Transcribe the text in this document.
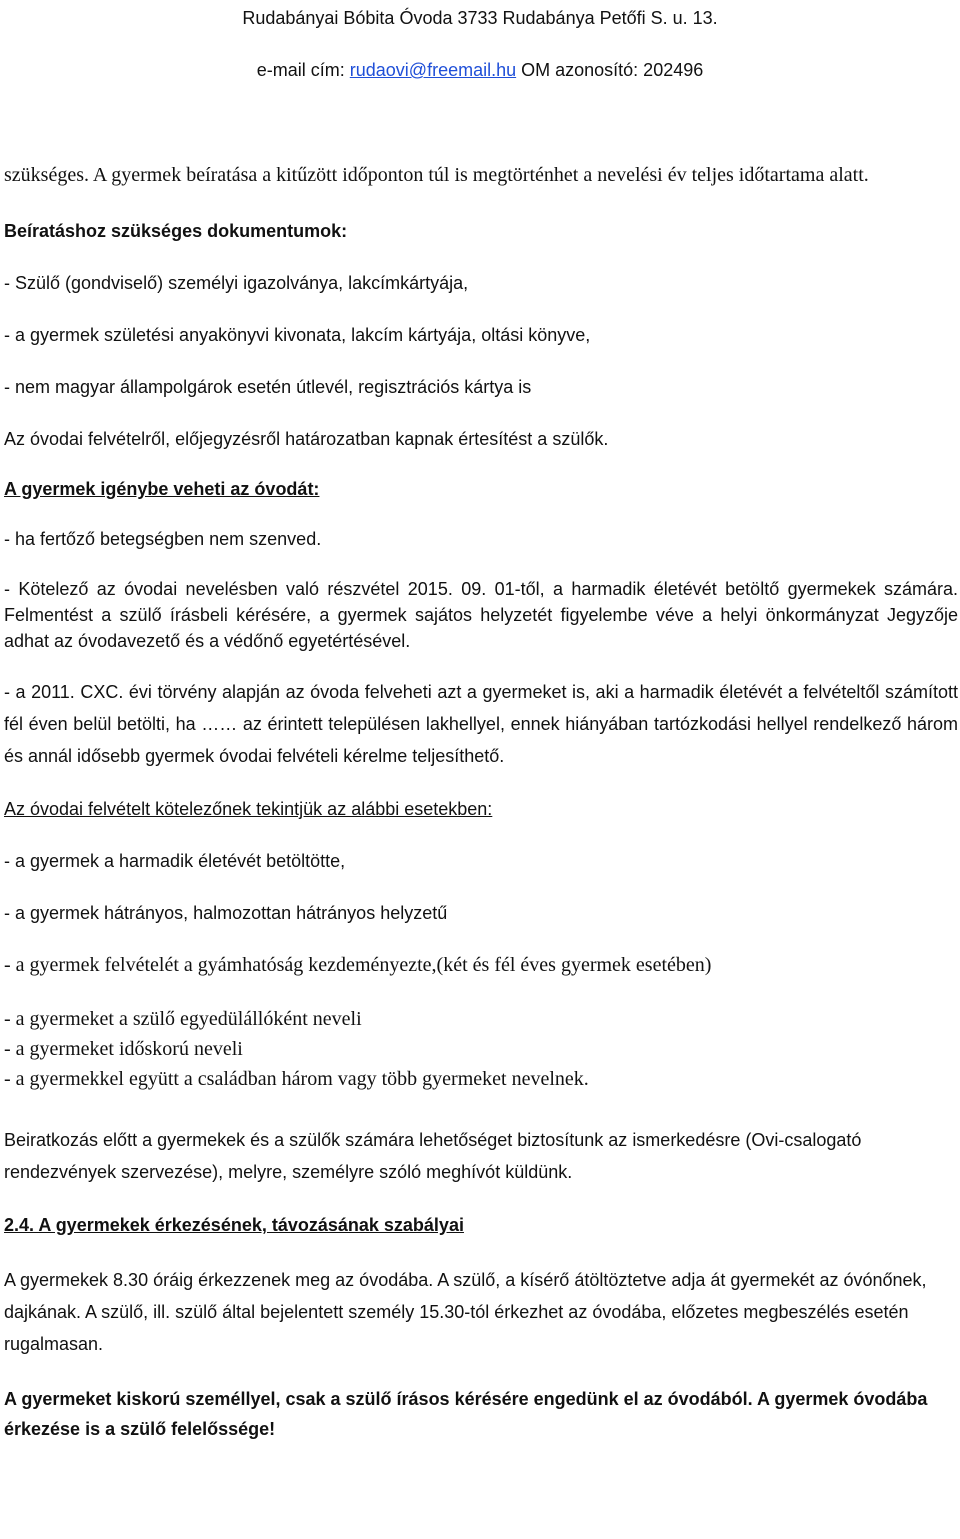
Rudabányai Bóbita Óvoda 3733 Rudabánya Petőfi S. u. 13.
e-mail cím: rudaovi@freemail.hu OM azonosító: 202496

szükséges. A gyermek beíratása a kitűzött időponton túl is megtörténhet a nevelési év teljes időtartama alatt.

Beíratáshoz szükséges dokumentumok:

- Szülő (gondviselő) személyi igazolványa, lakcímkártyája,

- a gyermek születési anyakönyvi kivonata, lakcím kártyája, oltási könyve,

- nem magyar állampolgárok esetén útlevél, regisztrációs kártya is

Az óvodai felvételről, előjegyzésről határozatban kapnak értesítést a szülők.

A gyermek igénybe veheti az óvodát:

- ha fertőző betegségben nem szenved.

- Kötelező az óvodai nevelésben való részvétel 2015. 09. 01-től, a harmadik életévét betöltő gyermekek számára. Felmentést a szülő írásbeli kérésére, a gyermek sajátos helyzetét figyelembe véve a helyi önkormányzat Jegyzője adhat az óvodavezető és a védőnő egyetértésével.

- a 2011. CXC. évi törvény alapján az óvoda felveheti azt a gyermeket is, aki a harmadik életévét a felvételtől számított fél éven belül betölti, ha …… az érintett településen lakhellyel, ennek hiányában tartózkodási hellyel rendelkező három és annál idősebb gyermek óvodai felvételi kérelme teljesíthető.

Az óvodai felvételt kötelezőnek tekintjük az alábbi esetekben:

- a gyermek a harmadik életévét betöltötte,

- a gyermek hátrányos, halmozottan hátrányos helyzetű

- a gyermek felvételét a gyámhatóság kezdeményezte,(két és fél éves gyermek esetében)

- a gyermeket a szülő egyedülállóként neveli

- a gyermeket időskorú neveli

- a gyermekkel együtt a családban három vagy több gyermeket nevelnek.

Beiratkozás előtt a gyermekek és a szülők számára lehetőséget biztosítunk az ismerkedésre (Ovi-csalogató rendezvények szervezése), melyre, személyre szóló meghívót küldünk.

2.4. A gyermekek érkezésének, távozásának szabályai

A gyermekek 8.30 óráig érkezzenek meg az óvodába. A szülő, a kísérő átöltöztetve adja át gyermekét az óvónőnek, dajkának. A szülő, ill. szülő által bejelentett személy 15.30-tól érkezhet az óvodába, előzetes megbeszélés esetén rugalmasan.

A gyermeket kiskorú személlyel, csak a szülő írásos kérésére engedünk el az óvodából. A gyermek óvodába érkezése is a szülő felelőssége!
